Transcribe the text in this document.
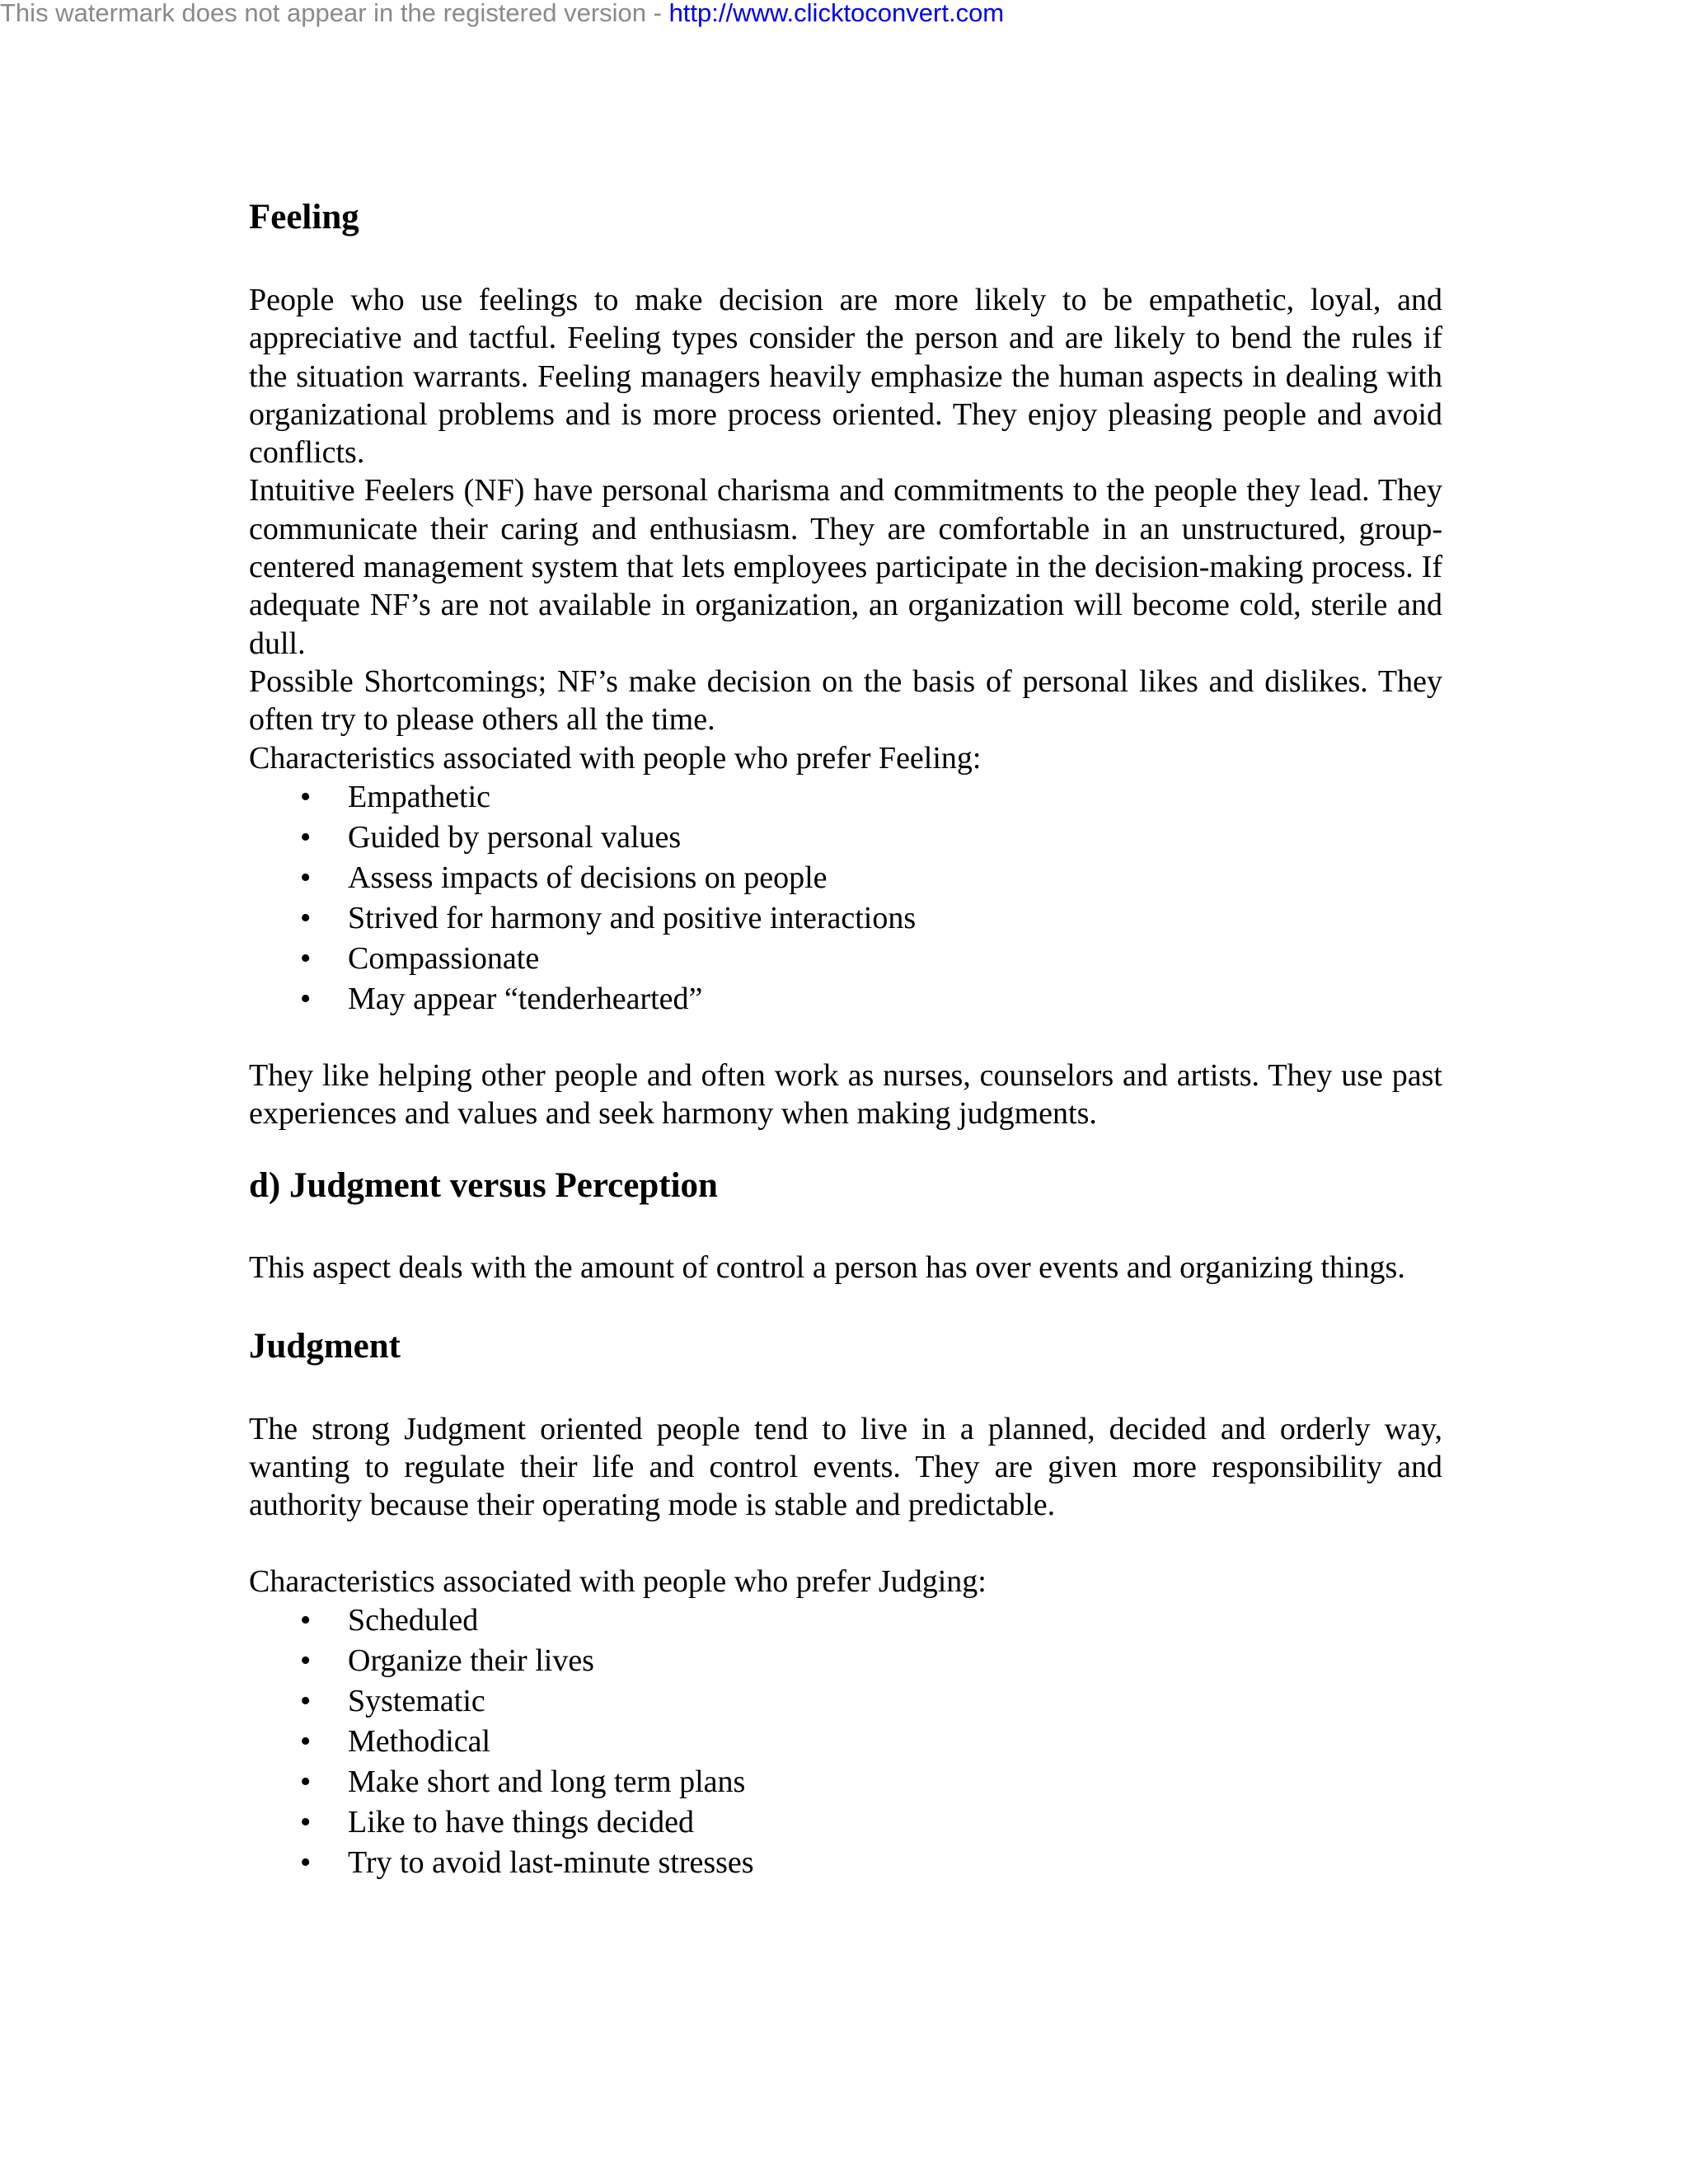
This watermark does not appear in the registered version - http://www.clicktoconvert.com
Feeling

People who use feelings to make decision are more likely to be empathetic, loyal, and appreciative and tactful. Feeling types consider the person and are likely to bend the rules if the situation warrants. Feeling managers heavily emphasize the human aspects in dealing with organizational problems and is more process oriented. They enjoy pleasing people and avoid conflicts.

Intuitive Feelers (NF) have personal charisma and commitments to the people they lead. They communicate their caring and enthusiasm. They are comfortable in an unstructured, group-centered management system that lets employees participate in the decision-making process. If adequate NF’s are not available in organization, an organization will become cold, sterile and dull.

Possible Shortcomings; NF’s make decision on the basis of personal likes and dislikes. They often try to please others all the time.

Characteristics associated with people who prefer Feeling:

• Empathetic
• Guided by personal values
• Assess impacts of decisions on people
• Strived for harmony and positive interactions
• Compassionate
• May appear “tenderhearted”

They like helping other people and often work as nurses, counselors and artists. They use past experiences and values and seek harmony when making judgments.

d) Judgment versus Perception

This aspect deals with the amount of control a person has over events and organizing things.

Judgment

The strong Judgment oriented people tend to live in a planned, decided and orderly way, wanting to regulate their life and control events. They are given more responsibility and authority because their operating mode is stable and predictable.

Characteristics associated with people who prefer Judging:

• Scheduled
• Organize their lives
• Systematic
• Methodical
• Make short and long term plans
• Like to have things decided
• Try to avoid last-minute stresses
